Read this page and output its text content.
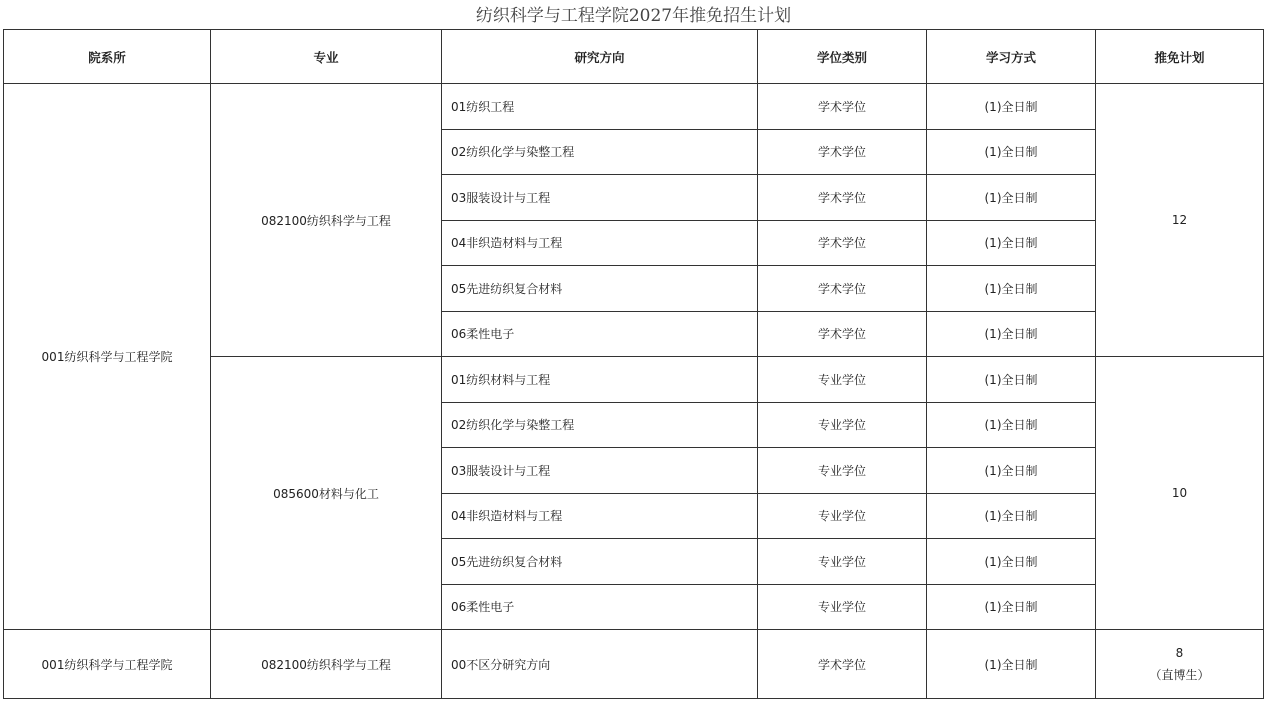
纺织科学与工程学院2027年推免招生计划
院系所	专业	研究方向	学位类别	学习方式	推免计划
001纺织科学与工程学院	082100纺织科学与工程	01纺织工程	学术学位	(1)全日制	12
		02纺织化学与染整工程	学术学位	(1)全日制	
		03服装设计与工程	学术学位	(1)全日制	
		04非织造材料与工程	学术学位	(1)全日制	
		05先进纺织复合材料	学术学位	(1)全日制	
		06柔性电子	学术学位	(1)全日制	
	085600材料与化工	01纺织材料与工程	专业学位	(1)全日制	10
		02纺织化学与染整工程	专业学位	(1)全日制	
		03服装设计与工程	专业学位	(1)全日制	
		04非织造材料与工程	专业学位	(1)全日制	
		05先进纺织复合材料	专业学位	(1)全日制	
		06柔性电子	专业学位	(1)全日制	
001纺织科学与工程学院	082100纺织科学与工程	00不区分研究方向	学术学位	(1)全日制	8
（直博生）
